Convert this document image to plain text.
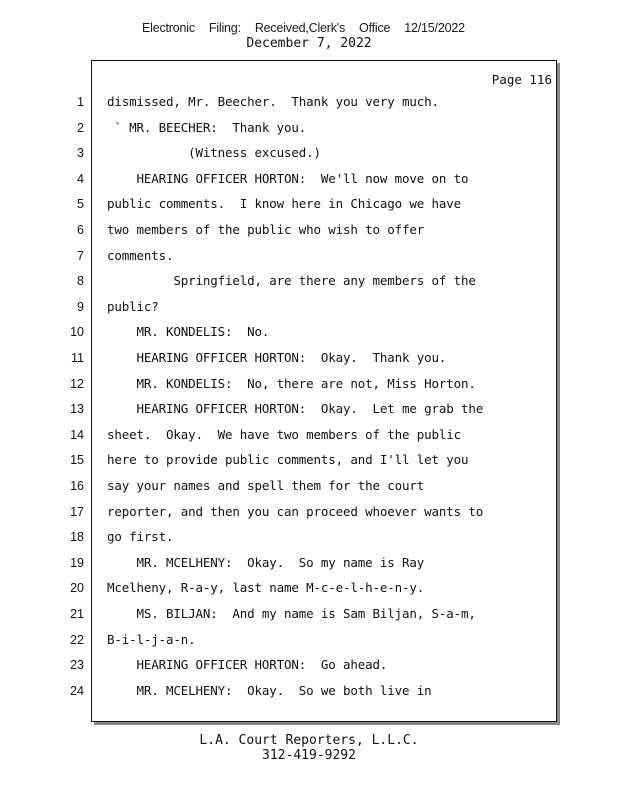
Electronic Filing: Received,Clerk's Office 12/15/2022
December 7, 2022
Page 116
1 dismissed, Mr. Beecher.  Thank you very much.
2 ` MR. BEECHER:  Thank you.
3 (Witness excused.)
4 HEARING OFFICER HORTON:  We'll now move on to
5 public comments.  I know here in Chicago we have
6 two members of the public who wish to offer
7 comments.
8 Springfield, are there any members of the
9 public?
10 MR. KONDELIS:  No.
11 HEARING OFFICER HORTON:  Okay.  Thank you.
12 MR. KONDELIS:  No, there are not, Miss Horton.
13 HEARING OFFICER HORTON:  Okay.  Let me grab the
14 sheet.  Okay.  We have two members of the public
15 here to provide public comments, and I'll let you
16 say your names and spell them for the court
17 reporter, and then you can proceed whoever wants to
18 go first.
19 MR. MCELHENY:  Okay.  So my name is Ray
20 Mcelheny, R-a-y, last name M-c-e-l-h-e-n-y.
21 MS. BILJAN:  And my name is Sam Biljan, S-a-m,
22 B-i-l-j-a-n.
23 HEARING OFFICER HORTON:  Go ahead.
24 MR. MCELHENY:  Okay.  So we both live in
L.A. Court Reporters, L.L.C.
312-419-9292
